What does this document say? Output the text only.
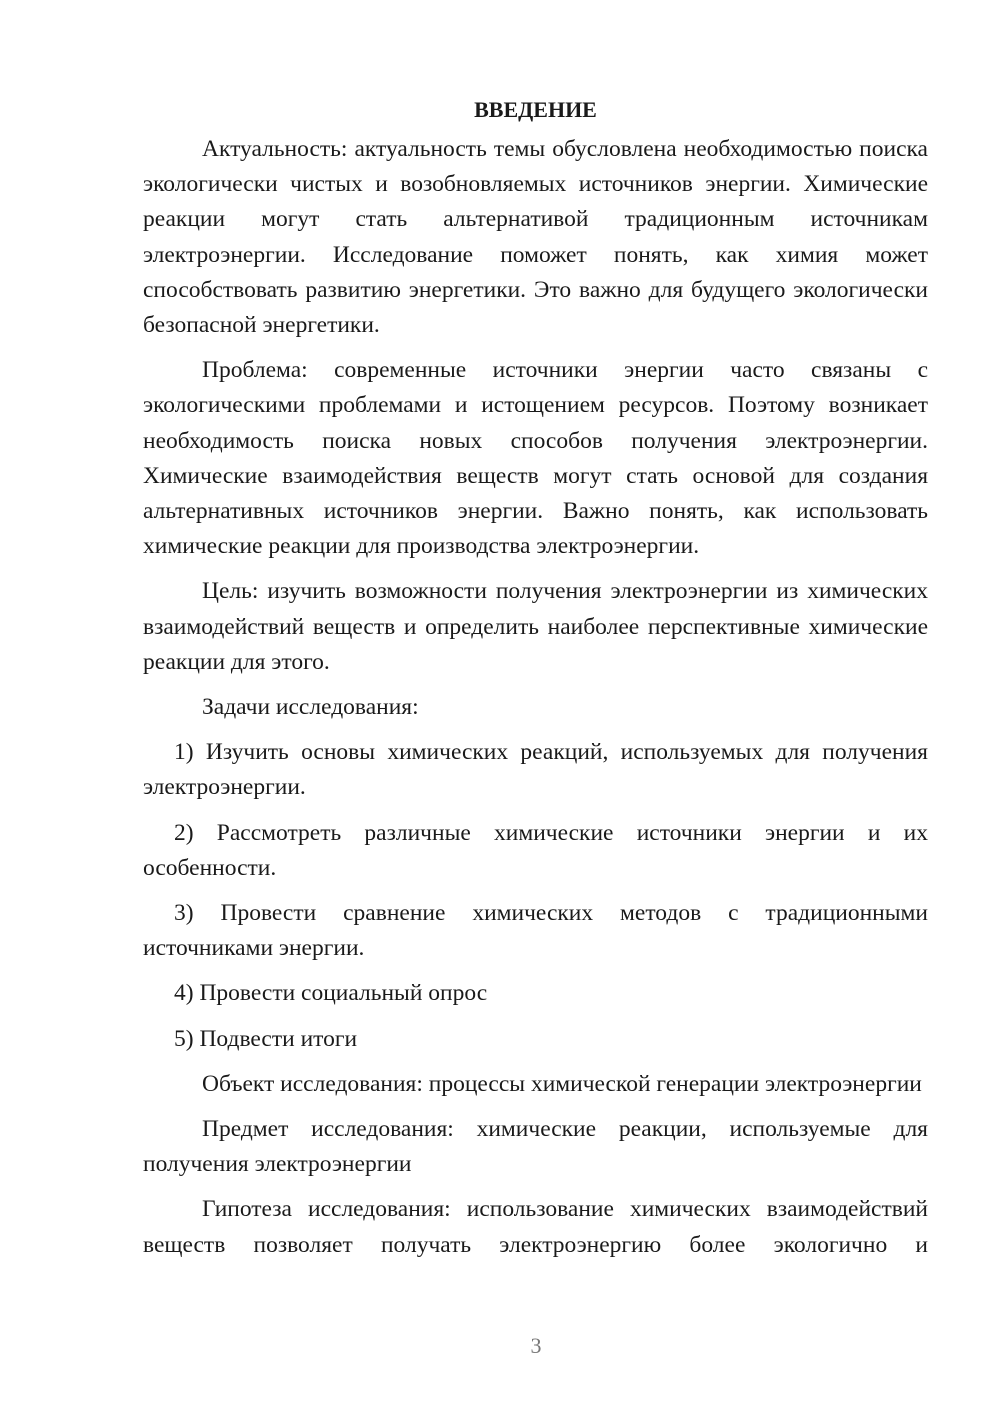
ВВЕДЕНИЕ

Актуальность: актуальность темы обусловлена необходимостью поиска экологически чистых и возобновляемых источников энергии. Химические реакции могут стать альтернативой традиционным источникам электроэнергии. Исследование поможет понять, как химия может способствовать развитию энергетики. Это важно для будущего экологически безопасной энергетики.

Проблема: современные источники энергии часто связаны с экологическими проблемами и истощением ресурсов. Поэтому возникает необходимость поиска новых способов получения электроэнергии. Химические взаимодействия веществ могут стать основой для создания альтернативных источников энергии. Важно понять, как использовать химические реакции для производства электроэнергии.

Цель: изучить возможности получения электроэнергии из химических взаимодействий веществ и определить наиболее перспективные химические реакции для этого.

Задачи исследования:

1) Изучить основы химических реакций, используемых для получения электроэнергии.

2) Рассмотреть различные химические источники энергии и их особенности.

3) Провести сравнение химических методов с традиционными источниками энергии.

4) Провести социальный опрос

5) Подвести итоги

Объект исследования: процессы химической генерации электроэнергии

Предмет исследования: химические реакции, используемые для получения электроэнергии

Гипотеза исследования: использование химических взаимодействий веществ позволяет получать электроэнергию более экологично и

3
